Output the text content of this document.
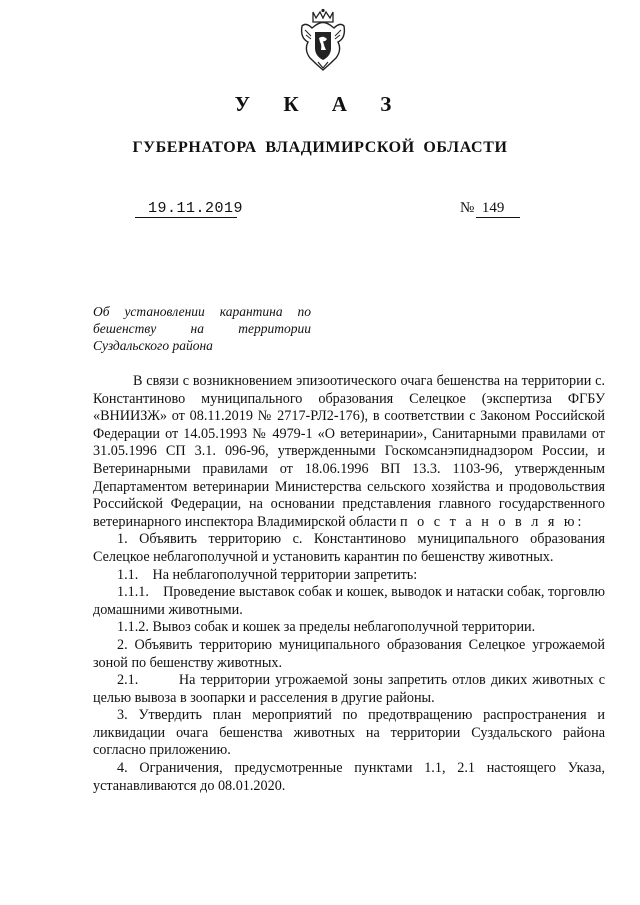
У К А З
ГУБЕРНАТОРА ВЛАДИМИРСКОЙ ОБЛАСТИ
19.11.2019	№ 149
Об установлении карантина по бешенству на территории Суздальского района

В связи с возникновением эпизоотического очага бешенства на территории с. Константиново муниципального образования Селецкое (экспертиза ФГБУ «ВНИИЗЖ» от 08.11.2019 № 2717-РЛ2-176), в соответствии с Законом Российской Федерации от 14.05.1993 № 4979-1 «О ветеринарии», Санитарными правилами от 31.05.1996 СП 3.1. 096-96, утвержденными Госкомсанэпиднадзором России, и Ветеринарными правилами от 18.06.1996 ВП 13.3. 1103-96, утвержденным Департаментом ветеринарии Министерства сельского хозяйства и продовольствия Российской Федерации, на основании представления главного государственного ветеринарного инспектора Владимирской области п о с т а н о в л я ю:

1. Объявить территорию с. Константиново муниципального образования Селецкое неблагополучной и установить карантин по бешенству животных.

1.1.    На неблагополучной территории запретить:

1.1.1.    Проведение выставок собак и кошек, выводок и натаски собак, торговлю домашними животными.

1.1.2. Вывоз собак и кошек за пределы неблагополучной территории.

2. Объявить территорию муниципального образования Селецкое угрожаемой зоной по бешенству животных.

2.1.        На территории угрожаемой зоны запретить отлов диких животных с целью вывоза в зоопарки и расселения в другие районы.

3. Утвердить план мероприятий по предотвращению распространения и ликвидации очага бешенства животных на территории Суздальского района согласно приложению.

4. Ограничения, предусмотренные пунктами 1.1, 2.1 настоящего Указа, устанавливаются до 08.01.2020.
